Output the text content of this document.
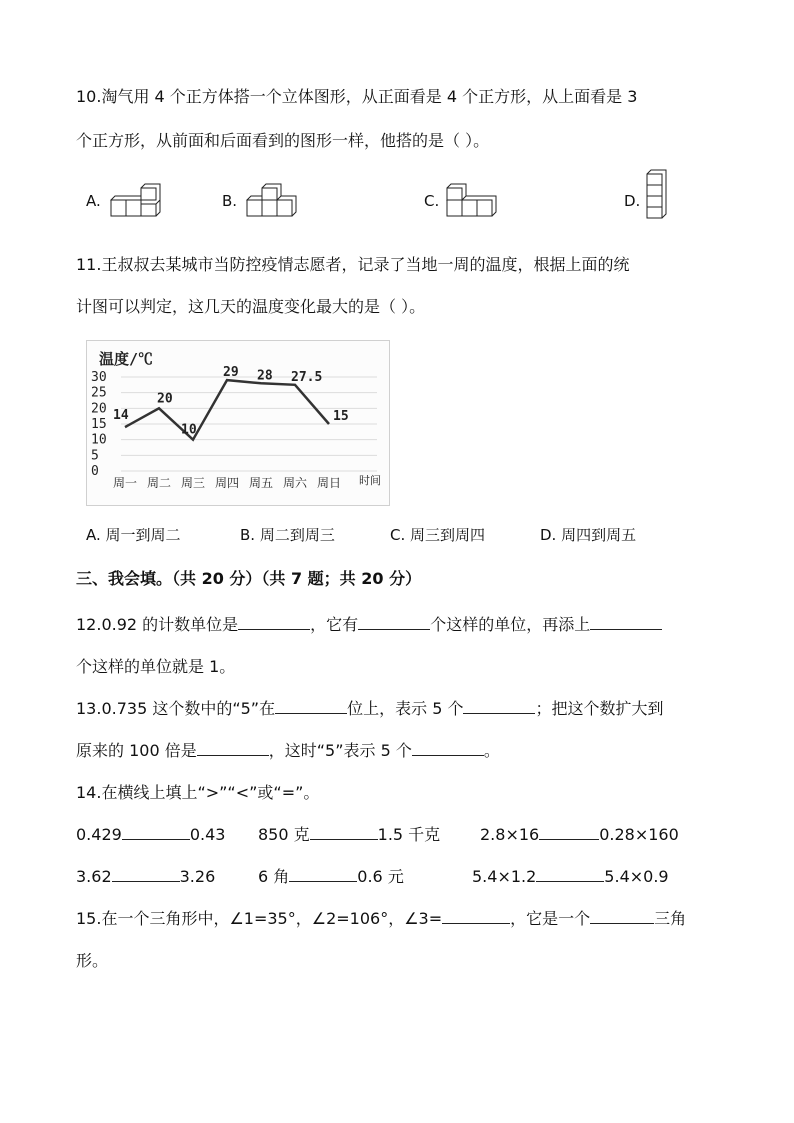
10.淘气用 4 个正方体搭一个立体图形，从正面看是 4 个正方形，从上面看是 3
个正方形，从前面和后面看到的图形一样，他搭的是（ ）。
A.	B.	C.	D.
11.王叔叔去某城市当防控疫情志愿者，记录了当地一周的温度，根据上面的统
计图可以判定，这几天的温度变化最大的是（ ）。
温度/℃
时间
30
25
20
15
10
5
0
周一 周二 周三 周四 周五 周六 周日
14
20
10
29 28 27.5
15
A. 周一到周二	B. 周二到周三	C. 周三到周四	D. 周四到周五
三、我会填。（共 20 分）（共 7 题；共 20 分）
12.0.92 的计数单位是	，它有	个这样的单位，再添上
个这样的单位就是 1。
13.0.735 这个数中的“5”在	位上，表示 5 个	；把这个数扩大到
原来的 100 倍是	，这时“5”表示 5 个	。
14.在横线上填上“>”“<”或“=”。
0.429	0.43 850 克	1.5 千克 2.8×16	0.28×160
3.62	3.26	6 角	0.6 元	5.4×1.2	5.4×0.9
15.在一个三角形中，∠1=35°，∠2=106°，∠3=	，它是一个	三角
形。
